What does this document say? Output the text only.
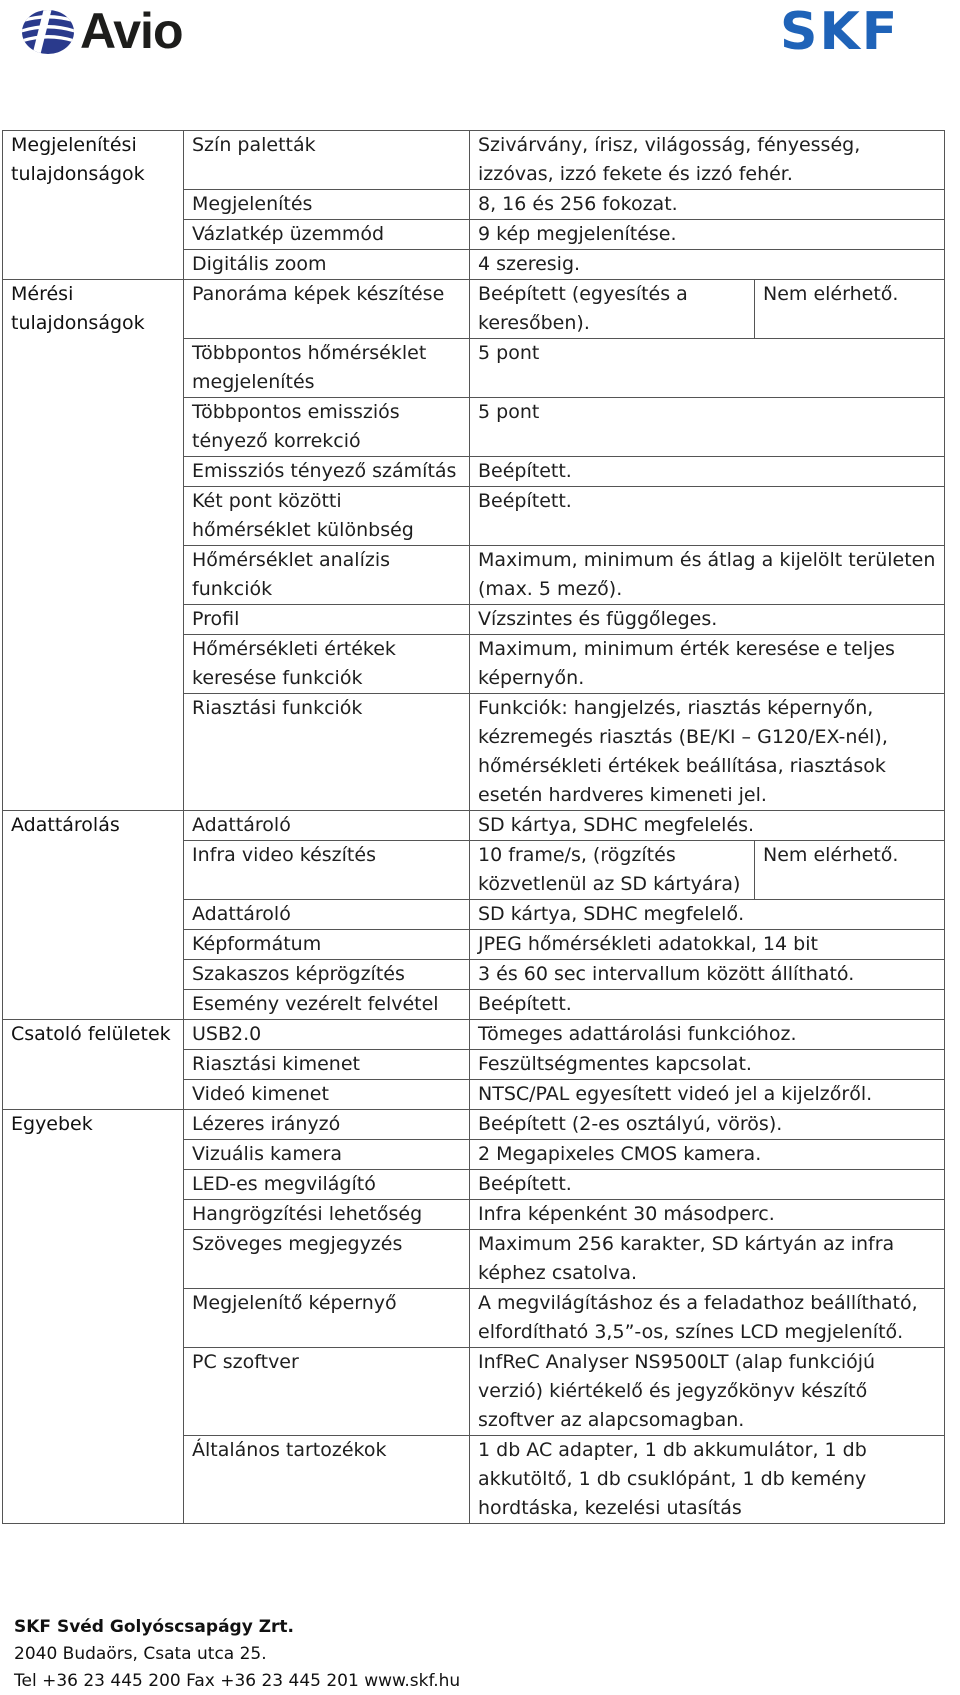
Avio	SKF
Megjelenítési tulajdonságok	Szín paletták	Szivárvány, írisz, világosság, fényesség, izzóvas, izzó fekete és izzó fehér.	
	Megjelenítés	8, 16 és 256 fokozat.	
	Vázlatkép üzemmód	9 kép megjelenítése.	
	Digitális zoom	4 szeresig.	
Mérési tulajdonságok	Panoráma képek készítése	Beépített (egyesítés a keresőben).	Nem elérhető.
	Többpontos hőmérséklet megjelenítés	5 pont	
	Többpontos emissziós tényező korrekció	5 pont	
	Emissziós tényező számítás	Beépített.	
	Két pont közötti hőmérséklet különbség	Beépített.	
	Hőmérséklet analízis funkciók	Maximum, minimum és átlag a kijelölt területen (max. 5 mező).	
	Profil	Vízszintes és függőleges.	
	Hőmérsékleti értékek keresése funkciók	Maximum, minimum érték keresése e teljes képernyőn.	
	Riasztási funkciók	Funkciók: hangjelzés, riasztás képernyőn, kézremegés riasztás (BE/KI – G120/EX-nél), hőmérsékleti értékek beállítása, riasztások esetén hardveres kimeneti jel.	
Adattárolás	Adattároló	SD kártya, SDHC megfelelés.	
	Infra video készítés	10 frame/s, (rögzítés közvetlenül az SD kártyára)	Nem elérhető.
	Adattároló	SD kártya, SDHC megfelelő.	
	Képformátum	JPEG hőmérsékleti adatokkal, 14 bit	
	Szakaszos képrögzítés	3 és 60 sec intervallum között állítható.	
	Esemény vezérelt felvétel	Beépített.	
Csatoló felületek	USB2.0	Tömeges adattárolási funkcióhoz.	
	Riasztási kimenet	Feszültségmentes kapcsolat.	
	Videó kimenet	NTSC/PAL egyesített videó jel a kijelzőről.	
Egyebek	Lézeres irányzó	Beépített (2-es osztályú, vörös).	
	Vizuális kamera	2 Megapixeles CMOS kamera.	
	LED-es megvilágító	Beépített.	
	Hangrögzítési lehetőség	Infra képenként 30 másodperc.	
	Szöveges megjegyzés	Maximum 256 karakter, SD kártyán az infra képhez csatolva.	
	Megjelenítő képernyő	A megvilágításhoz és a feladathoz beállítható, elfordítható 3,5”-os, színes LCD megjelenítő.	
	PC szoftver	InfReC Analyser NS9500LT (alap funkciójú verzió) kiértékelő és jegyzőkönyv készítő szoftver az alapcsomagban.	
	Általános tartozékok	1 db AC adapter, 1 db akkumulátor, 1 db akkutöltő, 1 db csuklópánt, 1 db kemény hordtáska, kezelési utasítás	
SKF Svéd Golyóscsapágy Zrt.
2040 Budaörs, Csata utca 25.
Tel +36 23 445 200 Fax +36 23 445 201 www.skf.hu
